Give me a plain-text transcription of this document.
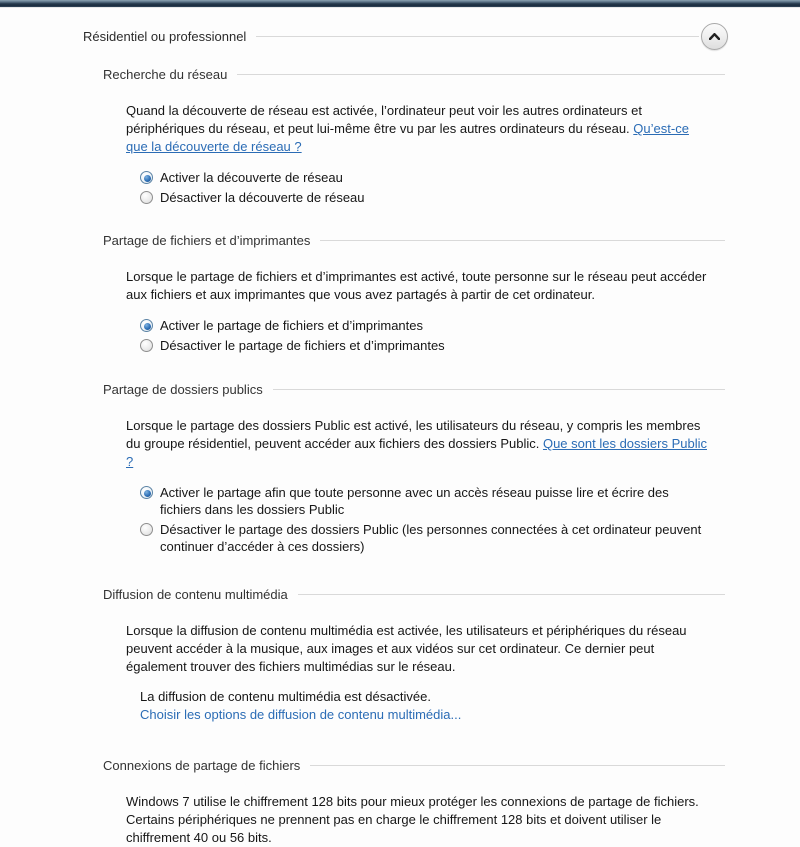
Résidentiel ou professionnel
Recherche du réseau
Quand la découverte de réseau est activée, l’ordinateur peut voir les autres ordinateurs et périphériques du réseau, et peut lui-même être vu par les autres ordinateurs du réseau. Qu’est-ce que la découverte de réseau ?
Activer la découverte de réseau
Désactiver la découverte de réseau
Partage de fichiers et d’imprimantes
Lorsque le partage de fichiers et d’imprimantes est activé, toute personne sur le réseau peut accéder aux fichiers et aux imprimantes que vous avez partagés à partir de cet ordinateur.
Activer le partage de fichiers et d’imprimantes
Désactiver le partage de fichiers et d’imprimantes
Partage de dossiers publics
Lorsque le partage des dossiers Public est activé, les utilisateurs du réseau, y compris les membres du groupe résidentiel, peuvent accéder aux fichiers des dossiers Public. Que sont les dossiers Public ?
Activer le partage afin que toute personne avec un accès réseau puisse lire et écrire des fichiers dans les dossiers Public
Désactiver le partage des dossiers Public (les personnes connectées à cet ordinateur peuvent continuer d’accéder à ces dossiers)
Diffusion de contenu multimédia
Lorsque la diffusion de contenu multimédia est activée, les utilisateurs et périphériques du réseau peuvent accéder à la musique, aux images et aux vidéos sur cet ordinateur. Ce dernier peut également trouver des fichiers multimédias sur le réseau.
La diffusion de contenu multimédia est désactivée.
Choisir les options de diffusion de contenu multimédia...
Connexions de partage de fichiers
Windows 7 utilise le chiffrement 128 bits pour mieux protéger les connexions de partage de fichiers. Certains périphériques ne prennent pas en charge le chiffrement 128 bits et doivent utiliser le chiffrement 40 ou 56 bits.
